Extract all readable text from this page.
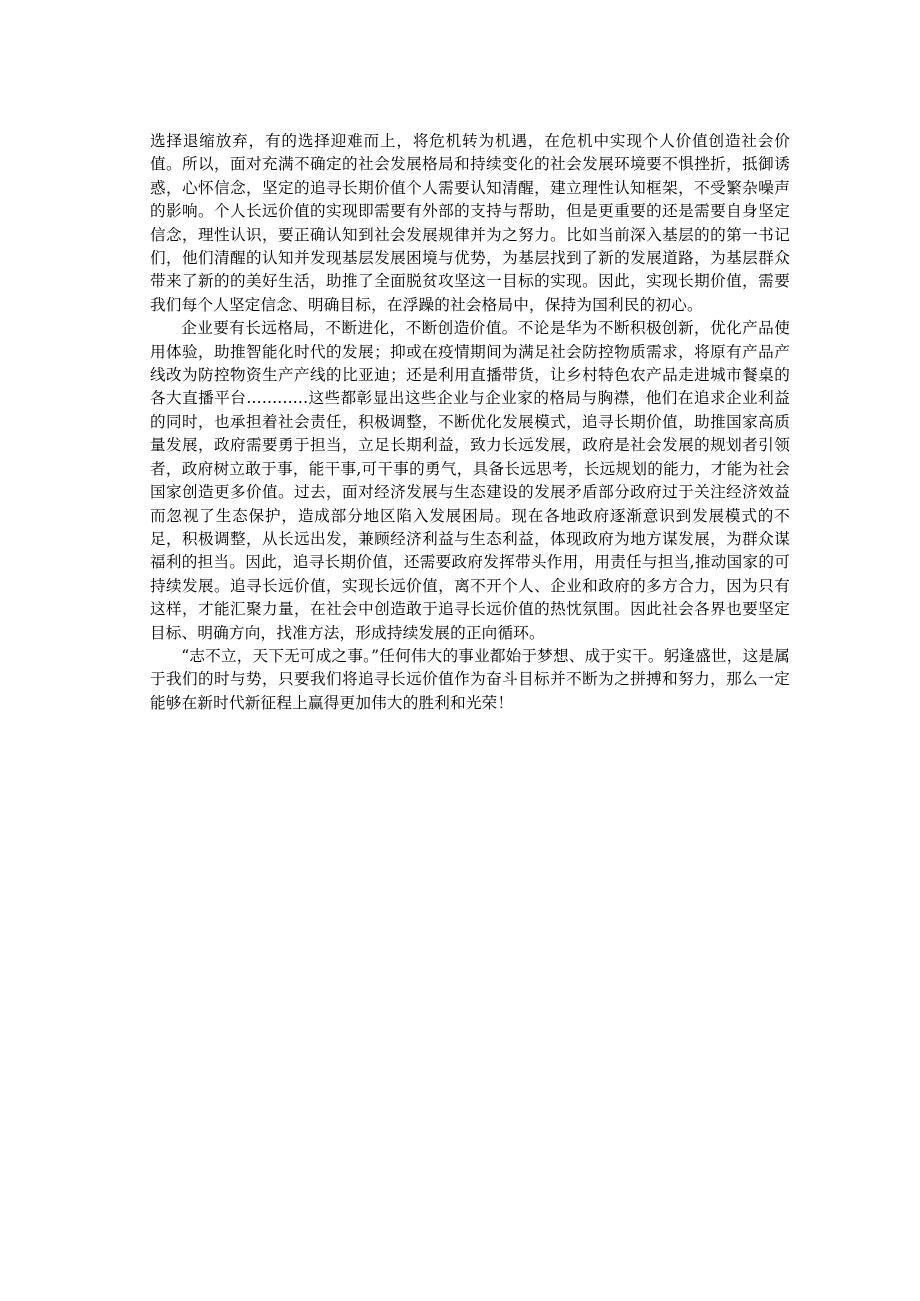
选择退缩放弃，有的选择迎难而上，将危机转为机遇，在危机中实现个人价值创造社会价值。所以，面对充满不确定的社会发展格局和持续变化的社会发展环境要不惧挫折，抵御诱惑，心怀信念，坚定的追寻长期价值个人需要认知清醒，建立理性认知框架，不受繁杂噪声的影响。个人长远价值的实现即需要有外部的支持与帮助，但是更重要的还是需要自身坚定信念，理性认识，要正确认知到社会发展规律并为之努力。比如当前深入基层的的第一书记们，他们清醒的认知并发现基层发展困境与优势，为基层找到了新的发展道路，为基层群众带来了新的的美好生活，助推了全面脱贫攻坚这一目标的实现。因此，实现长期价值，需要我们每个人坚定信念、明确目标，在浮躁的社会格局中，保持为国利民的初心。

企业要有长远格局，不断进化，不断创造价值。不论是华为不断积极创新，优化产品使用体验，助推智能化时代的发展；抑或在疫情期间为满足社会防控物质需求，将原有产品产线改为防控物资生产产线的比亚迪；还是利用直播带货，让乡村特色农产品走进城市餐桌的各大直播平台............这些都彰显出这些企业与企业家的格局与胸襟，他们在追求企业利益的同时，也承担着社会责任，积极调整，不断优化发展模式，追寻长期价值，助推国家高质量发展，政府需要勇于担当，立足长期利益，致力长远发展，政府是社会发展的规划者引领者，政府树立敢于事，能干事,可干事的勇气，具备长远思考，长远规划的能力，才能为社会国家创造更多价值。过去，面对经济发展与生态建设的发展矛盾部分政府过于关注经济效益而忽视了生态保护，造成部分地区陷入发展困局。现在各地政府逐渐意识到发展模式的不足，积极调整，从长远出发，兼顾经济利益与生态利益，体现政府为地方谋发展，为群众谋福利的担当。因此，追寻长期价值，还需要政府发挥带头作用，用责任与担当,推动国家的可持续发展。追寻长远价值，实现长远价值，离不开个人、企业和政府的多方合力，因为只有这样，才能汇聚力量，在社会中创造敢于追寻长远价值的热忱氛围。因此社会各界也要坚定目标、明确方向，找准方法，形成持续发展的正向循环。

“志不立，天下无可成之事。”任何伟大的事业都始于梦想、成于实干。躬逢盛世，这是属于我们的时与势，只要我们将追寻长远价值作为奋斗目标并不断为之拼搏和努力，那么一定能够在新时代新征程上赢得更加伟大的胜利和光荣！
